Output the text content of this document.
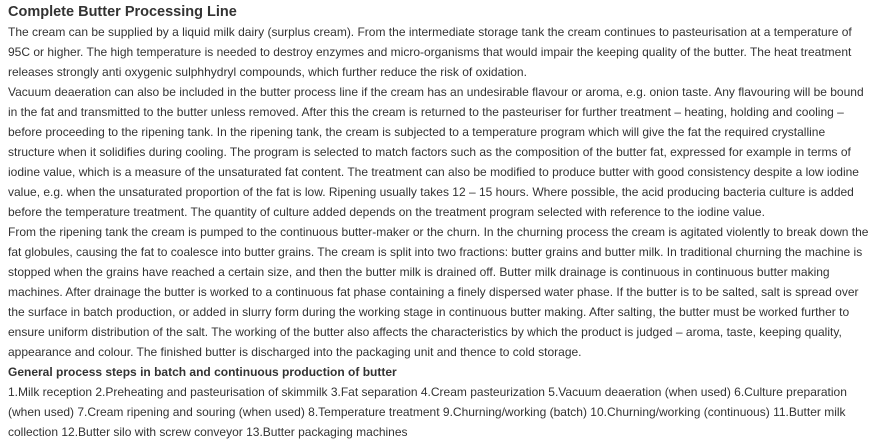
Complete Butter Processing Line

The cream can be supplied by a liquid milk dairy (surplus cream). From the intermediate storage tank the cream continues to pasteurisation at a temperature of 95C or higher. The high temperature is needed to destroy enzymes and micro-organisms that would impair the keeping quality of the butter. The heat treatment releases strongly anti oxygenic sulphhydryl compounds, which further reduce the risk of oxidation.

Vacuum deaeration can also be included in the butter process line if the cream has an undesirable flavour or aroma, e.g. onion taste. Any flavouring will be bound in the fat and transmitted to the butter unless removed. After this the cream is returned to the pasteuriser for further treatment – heating, holding and cooling – before proceeding to the ripening tank. In the ripening tank, the cream is subjected to a temperature program which will give the fat the required crystalline structure when it solidifies during cooling. The program is selected to match factors such as the composition of the butter fat, expressed for example in terms of iodine value, which is a measure of the unsaturated fat content. The treatment can also be modified to produce butter with good consistency despite a low iodine value, e.g. when the unsaturated proportion of the fat is low. Ripening usually takes 12 – 15 hours. Where possible, the acid producing bacteria culture is added before the temperature treatment. The quantity of culture added depends on the treatment program selected with reference to the iodine value.

From the ripening tank the cream is pumped to the continuous butter-maker or the churn. In the churning process the cream is agitated violently to break down the fat globules, causing the fat to coalesce into butter grains. The cream is split into two fractions: butter grains and butter milk. In traditional churning the machine is stopped when the grains have reached a certain size, and then the butter milk is drained off. Butter milk drainage is continuous in continuous butter making machines. After drainage the butter is worked to a continuous fat phase containing a finely dispersed water phase. If the butter is to be salted, salt is spread over the surface in batch production, or added in slurry form during the working stage in continuous butter making. After salting, the butter must be worked further to ensure uniform distribution of the salt. The working of the butter also affects the characteristics by which the product is judged – aroma, taste, keeping quality, appearance and colour. The finished butter is discharged into the packaging unit and thence to cold storage.

General process steps in batch and continuous production of butter

1.Milk reception 2.Preheating and pasteurisation of skimmilk 3.Fat separation 4.Cream pasteurization 5.Vacuum deaeration (when used) 6.Culture preparation (when used) 7.Cream ripening and souring (when used) 8.Temperature treatment 9.Churning/working (batch) 10.Churning/working (continuous) 11.Butter milk collection 12.Butter silo with screw conveyor 13.Butter packaging machines
